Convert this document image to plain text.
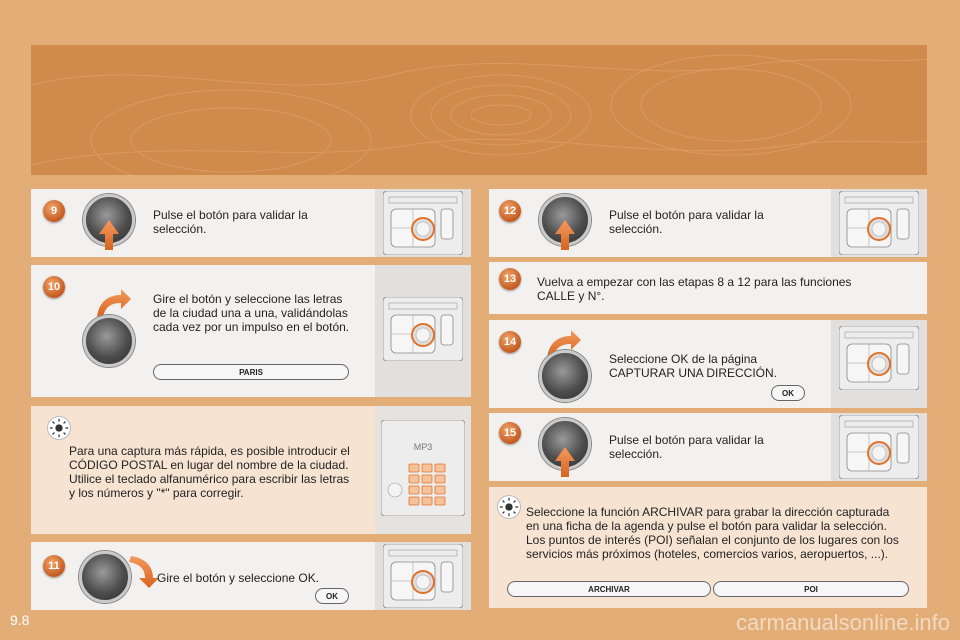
9	Pulse el botón para validar la
selección.
10
Gire el botón y seleccione las letras
de la ciudad una a una, validándolas
cada vez por un impulso en el botón.
PARIS
Para una captura más rápida, es posible introducir el
CÓDIGO POSTAL en lugar del nombre de la ciudad.
Utilice el teclado alfanumérico para escribir las letras
y los números y "*" para corregir.
MP3
11
Gire el botón y seleccione OK.
OK
12	Pulse el botón para validar la
selección.
13	Vuelva a empezar con las etapas 8 a 12 para las funciones
CALLE y N°.
14
Seleccione OK de la página
CAPTURAR UNA DIRECCIÓN.
OK
15	Pulse el botón para validar la
selección.
Seleccione la función ARCHIVAR para grabar la dirección capturada
en una ficha de la agenda y pulse el botón para validar la selección.
Los puntos de interés (POI) señalan el conjunto de los lugares con los
servicios más próximos (hoteles, comercios varios, aeropuertos, ...).
ARCHIVAR	POI
9.8	carmanualsonline.info
